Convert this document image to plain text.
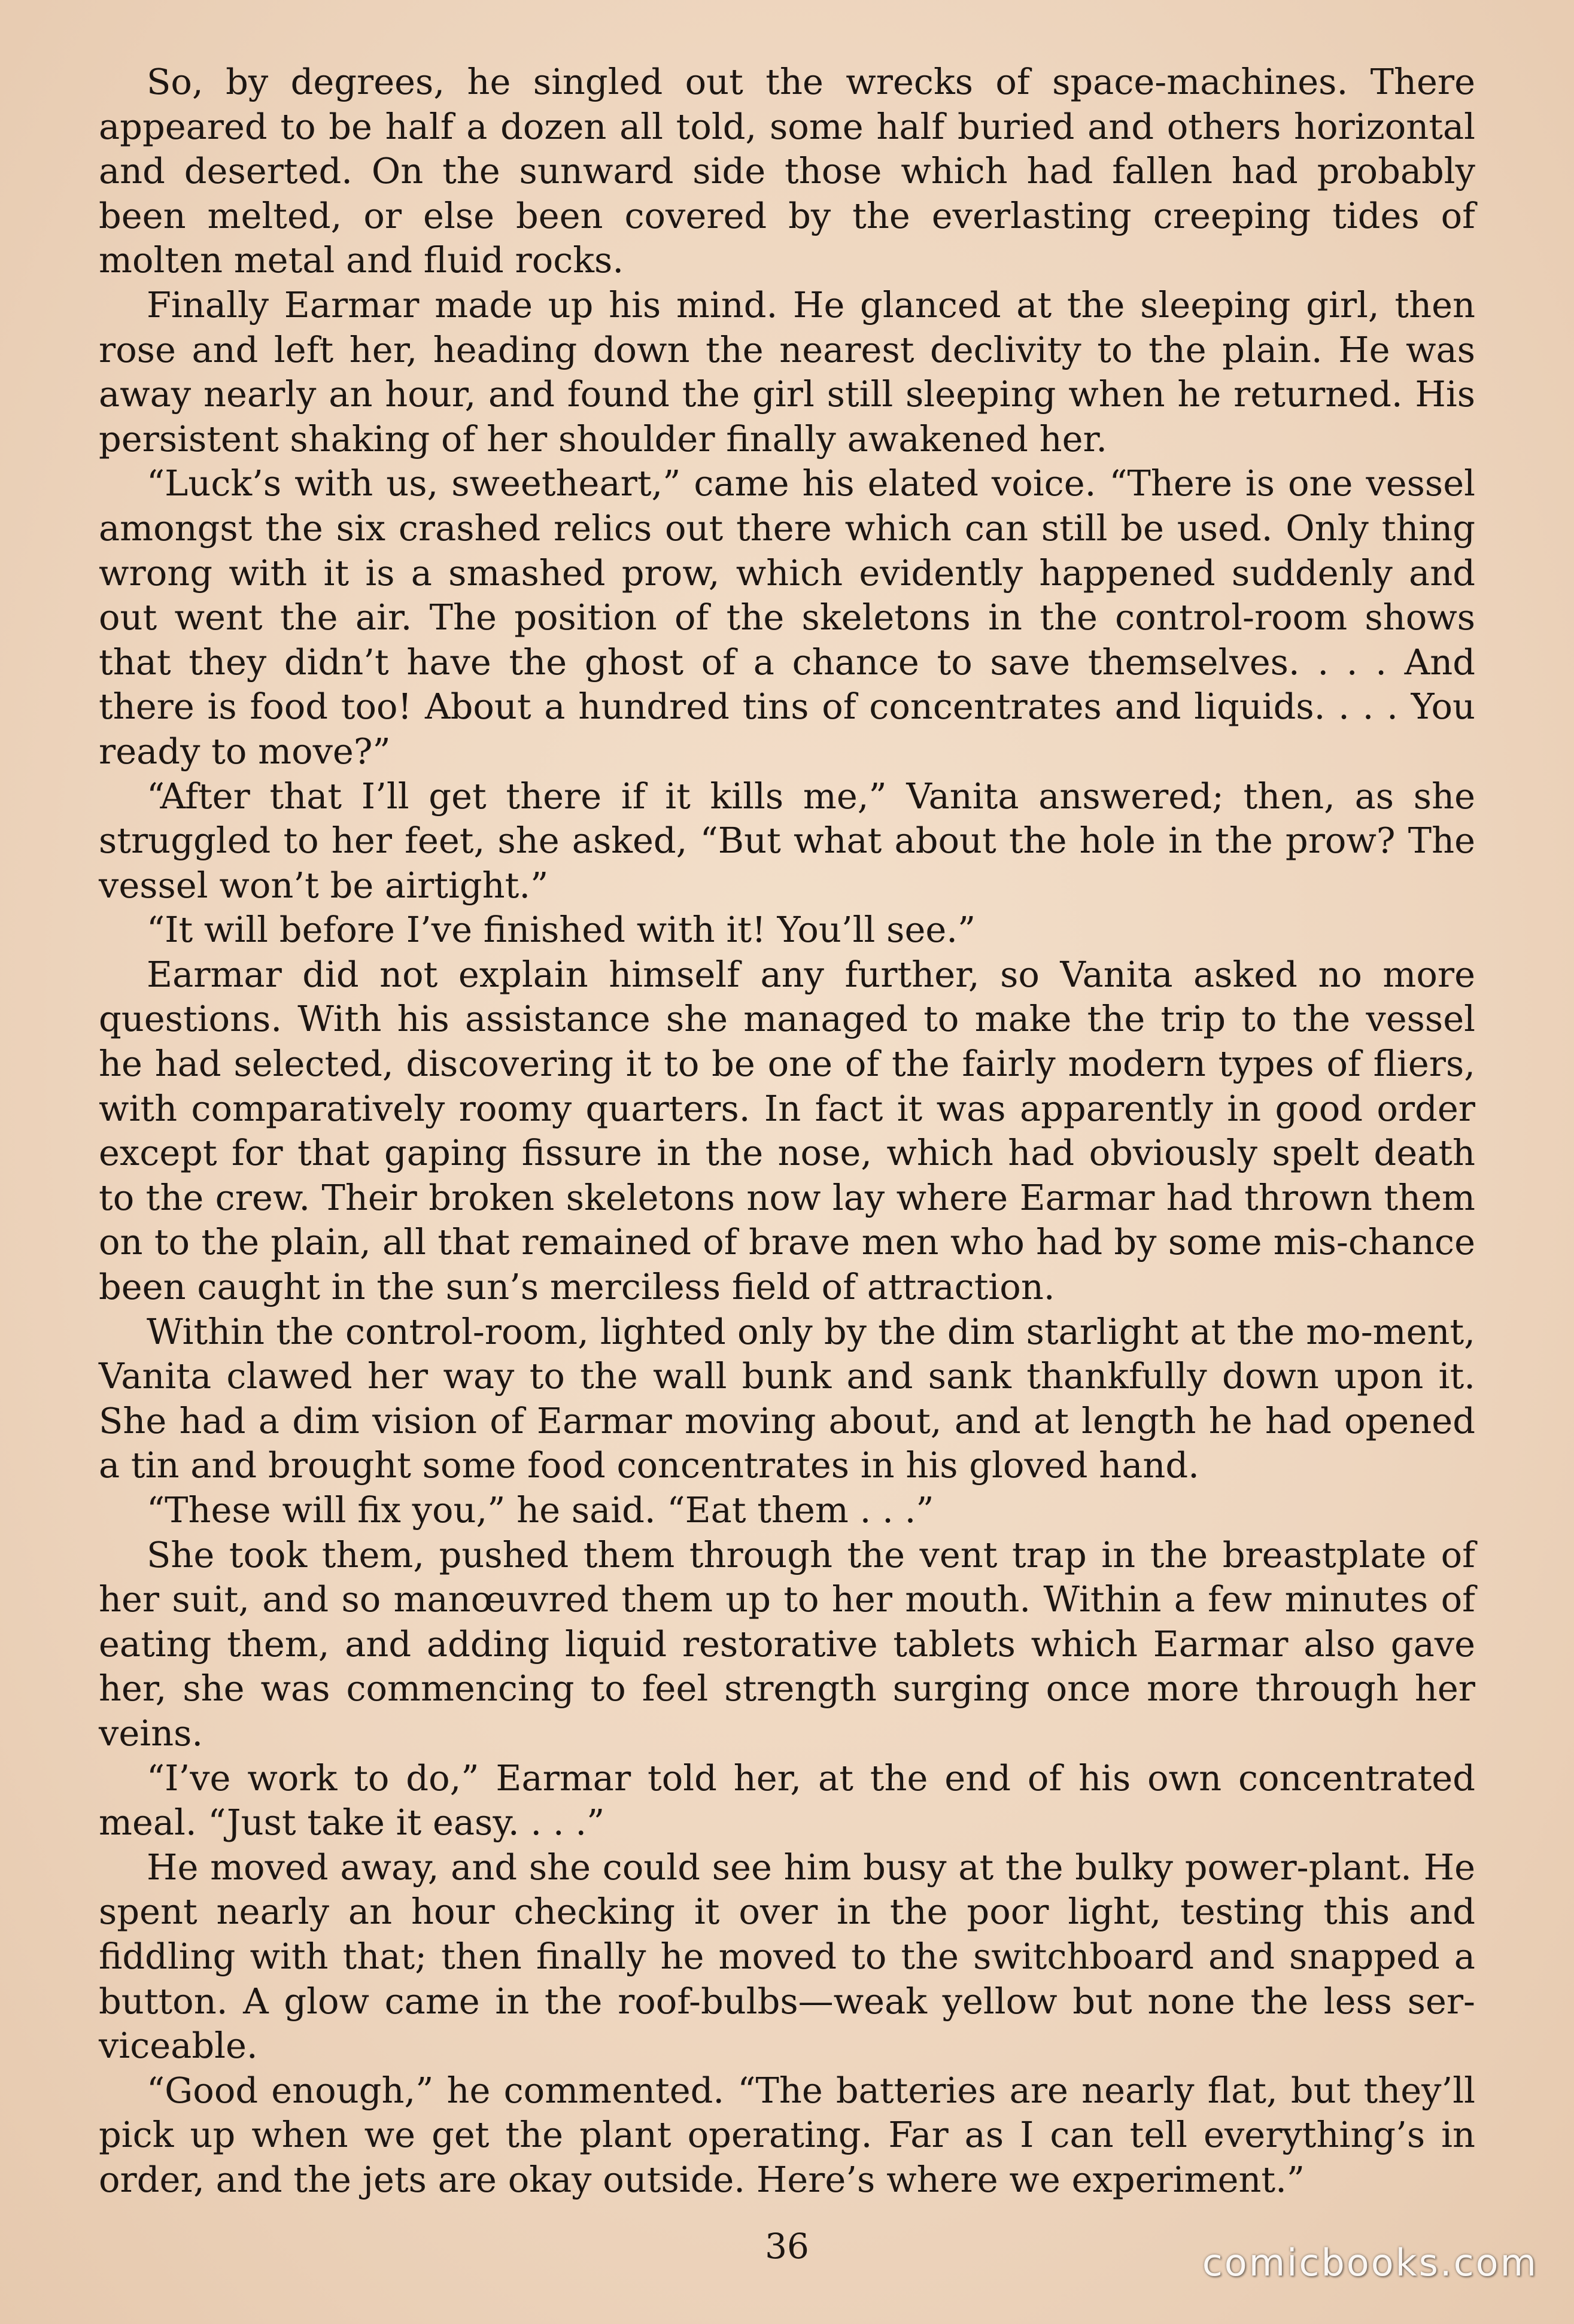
So, by degrees, he singled out the wrecks of space-machines. There appeared to be half a dozen all told, some half buried and others horizontal and deserted. On the sunward side those which had fallen had probably been melted, or else been covered by the everlasting creeping tides of molten metal and fluid rocks.

Finally Earmar made up his mind. He glanced at the sleeping girl, then rose and left her, heading down the nearest declivity to the plain. He was away nearly an hour, and found the girl still sleeping when he returned. His persistent shaking of her shoulder finally awakened her.

“Luck’s with us, sweetheart,” came his elated voice. “There is one vessel amongst the six crashed relics out there which can still be used. Only thing wrong with it is a smashed prow, which evidently happened suddenly and out went the air. The position of the skeletons in the control-room shows that they didn’t have the ghost of a chance to save themselves. . . . And there is food too! About a hundred tins of concentrates and liquids. . . . You ready to move?”

“After that I’ll get there if it kills me,” Vanita answered; then, as she struggled to her feet, she asked, “But what about the hole in the prow? The vessel won’t be airtight.”

“It will before I’ve finished with it! You’ll see.”

Earmar did not explain himself any further, so Vanita asked no more questions. With his assistance she managed to make the trip to the vessel he had selected, discovering it to be one of the fairly modern types of fliers, with comparatively roomy quarters. In fact it was apparently in good order except for that gaping fissure in the nose, which had obviously spelt death to the crew. Their broken skeletons now lay where Earmar had thrown them on to the plain, all that remained of brave men who had by some mis-chance been caught in the sun’s merciless field of attraction.

Within the control-room, lighted only by the dim starlight at the mo-ment, Vanita clawed her way to the wall bunk and sank thankfully down upon it. She had a dim vision of Earmar moving about, and at length he had opened a tin and brought some food concentrates in his gloved hand.

“These will fix you,” he said. “Eat them . . .”

She took them, pushed them through the vent trap in the breastplate of her suit, and so manœuvred them up to her mouth. Within a few minutes of eating them, and adding liquid restorative tablets which Earmar also gave her, she was commencing to feel strength surging once more through her veins.

“I’ve work to do,” Earmar told her, at the end of his own concentrated meal. “Just take it easy. . . .”

He moved away, and she could see him busy at the bulky power-plant. He spent nearly an hour checking it over in the poor light, testing this and fiddling with that; then finally he moved to the switchboard and snapped a button. A glow came in the roof-bulbs—weak yellow but none the less ser-viceable.

“Good enough,” he commented. “The batteries are nearly flat, but they’ll pick up when we get the plant operating. Far as I can tell everything’s in order, and the jets are okay outside. Here’s where we experiment.”

36	comicbooks.com
